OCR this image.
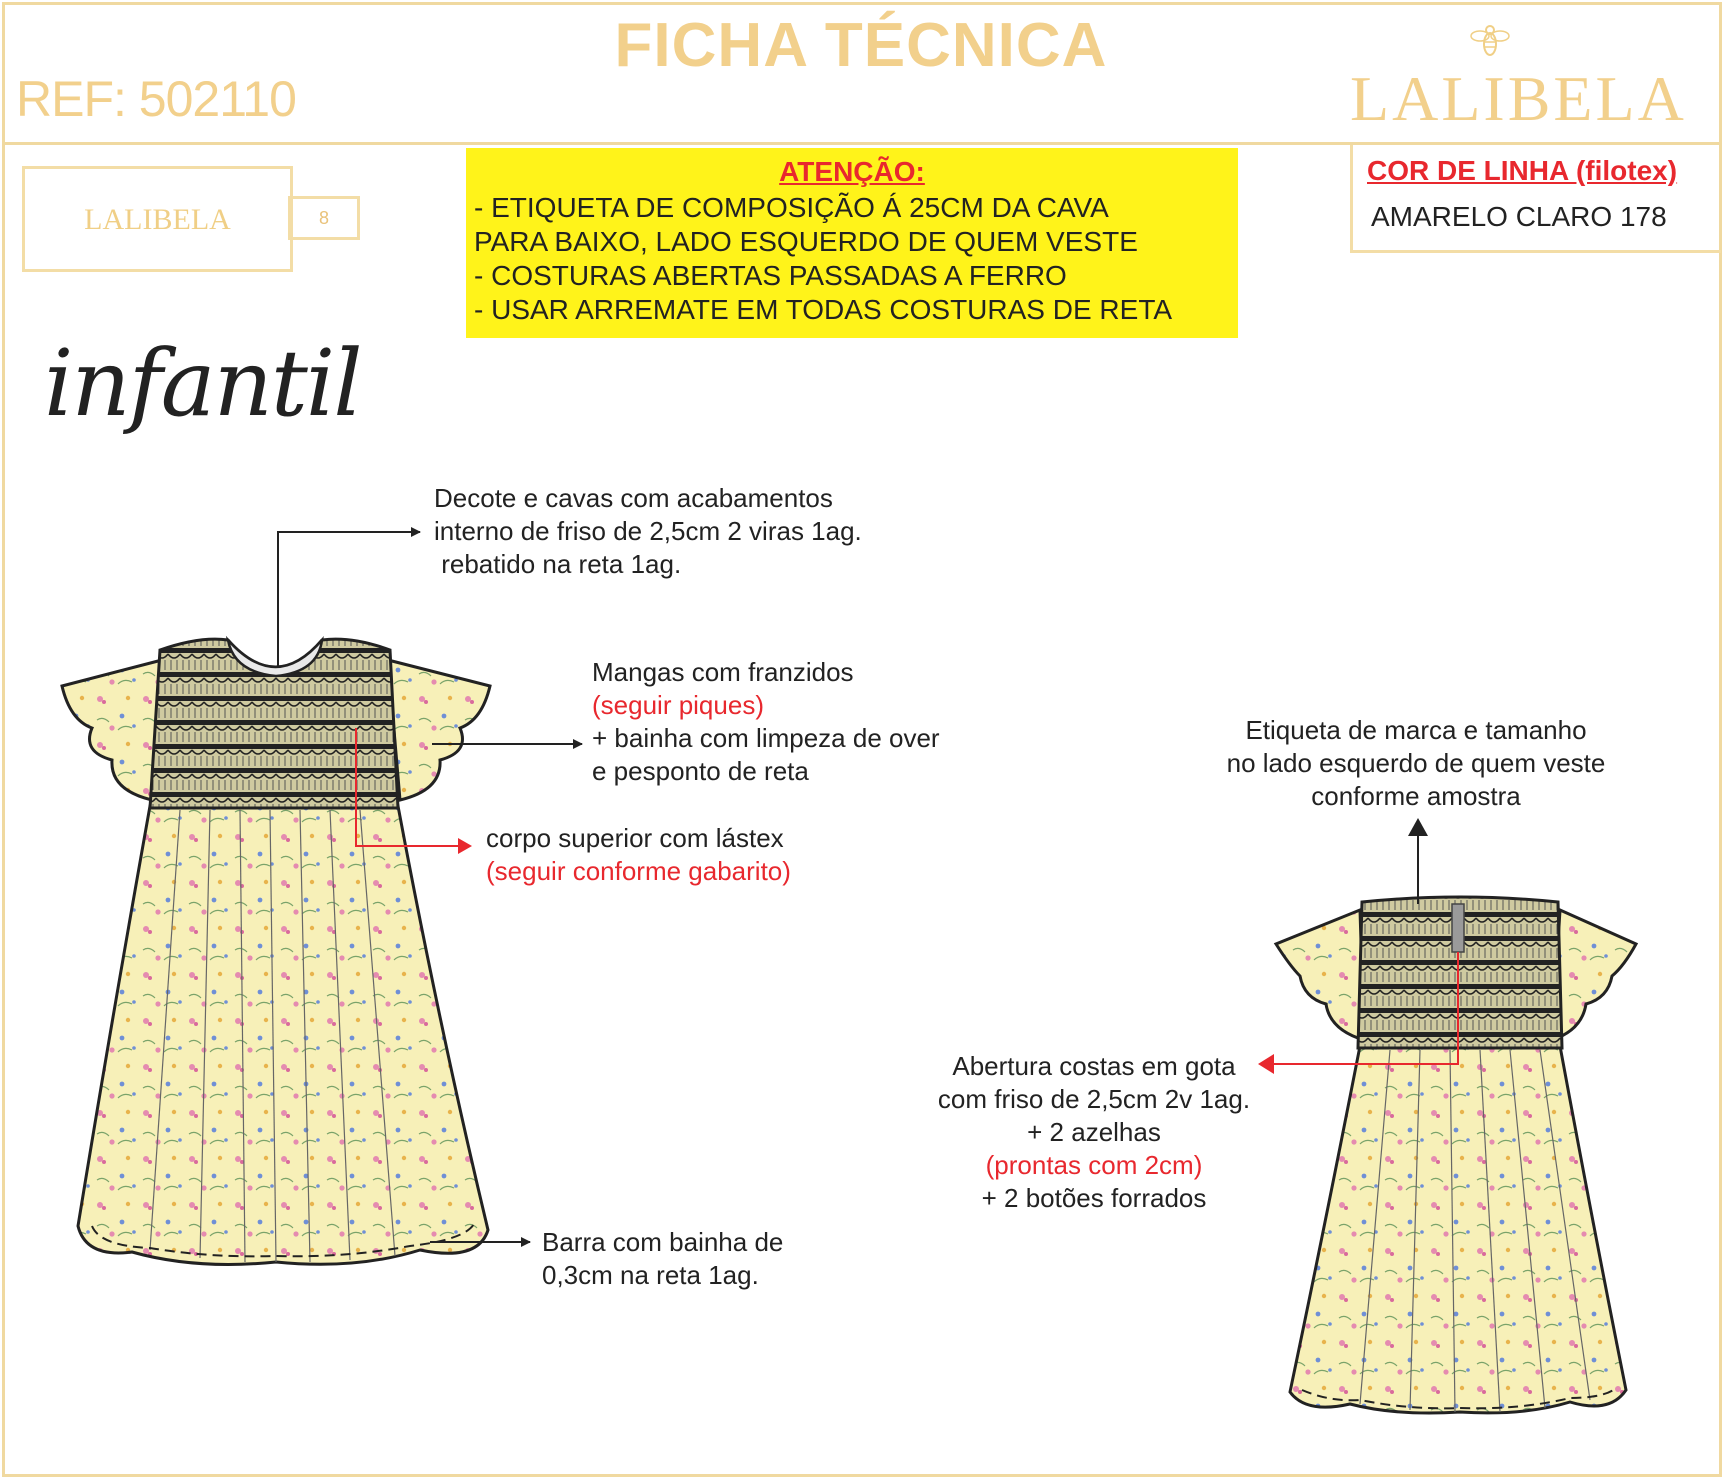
FICHA TÉCNICA
REF: 502110	LALIBELA
LALIBELA	8
ATENÇÃO:
- ETIQUETA DE COMPOSIÇÃO Á 25CM DA CAVA
PARA BAIXO, LADO ESQUERDO DE QUEM VESTE
- COSTURAS ABERTAS PASSADAS A FERRO
- USAR ARREMATE EM TODAS COSTURAS DE RETA
COR DE LINHA (filotex)
AMARELO CLARO 178
infantil
Decote e cavas com acabamentos
interno de friso de 2,5cm 2 viras 1ag.
rebatido na reta 1ag.
Mangas com franzidos
(seguir piques)
+ bainha com limpeza de over
e pesponto de reta
corpo superior com lástex
(seguir conforme gabarito)
Barra com bainha de
0,3cm na reta 1ag.
Etiqueta de marca e tamanho
no lado esquerdo de quem veste
conforme amostra
Abertura costas em gota
com friso de 2,5cm 2v 1ag.
+ 2 azelhas
(prontas com 2cm)
+ 2 botões forrados
